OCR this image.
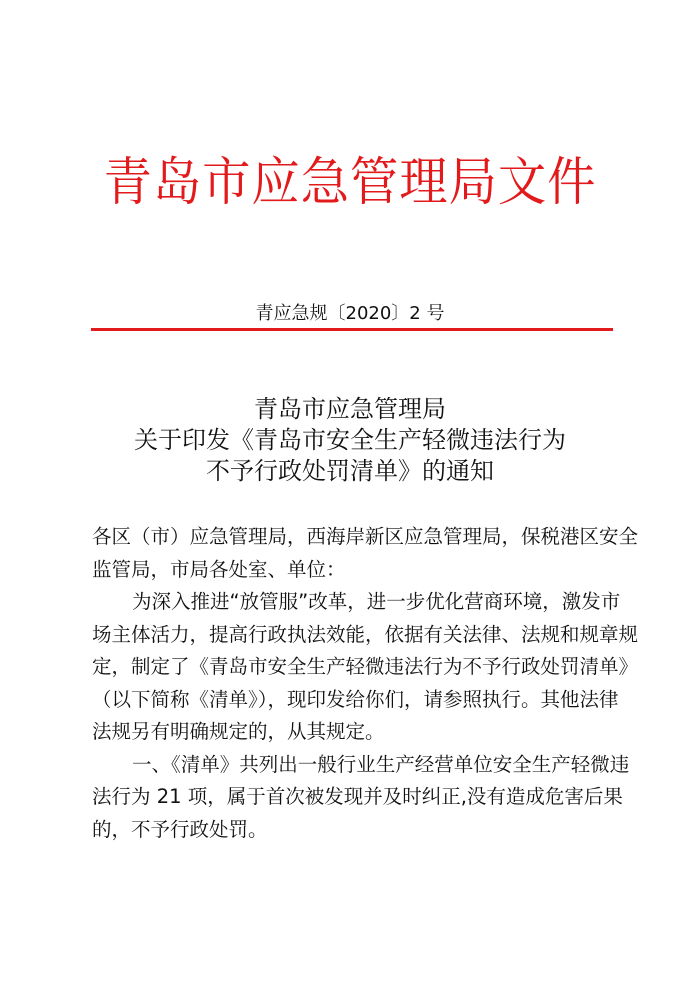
青岛市应急管理局文件
青应急规〔2020〕2 号
青岛市应急管理局
关于印发《青岛市安全生产轻微违法行为
不予行政处罚清单》的通知
各区（市）应急管理局，西海岸新区应急管理局，保税港区安全
监管局，市局各处室、单位：
为深入推进“放管服”改革，进一步优化营商环境，激发市
场主体活力，提高行政执法效能，依据有关法律、法规和规章规
定，制定了《青岛市安全生产轻微违法行为不予行政处罚清单》
（以下简称《清单》），现印发给你们，请参照执行。其他法律
法规另有明确规定的，从其规定。
一、《清单》共列出一般行业生产经营单位安全生产轻微违
法行为 21 项，属于首次被发现并及时纠正,没有造成危害后果
的，不予行政处罚。
